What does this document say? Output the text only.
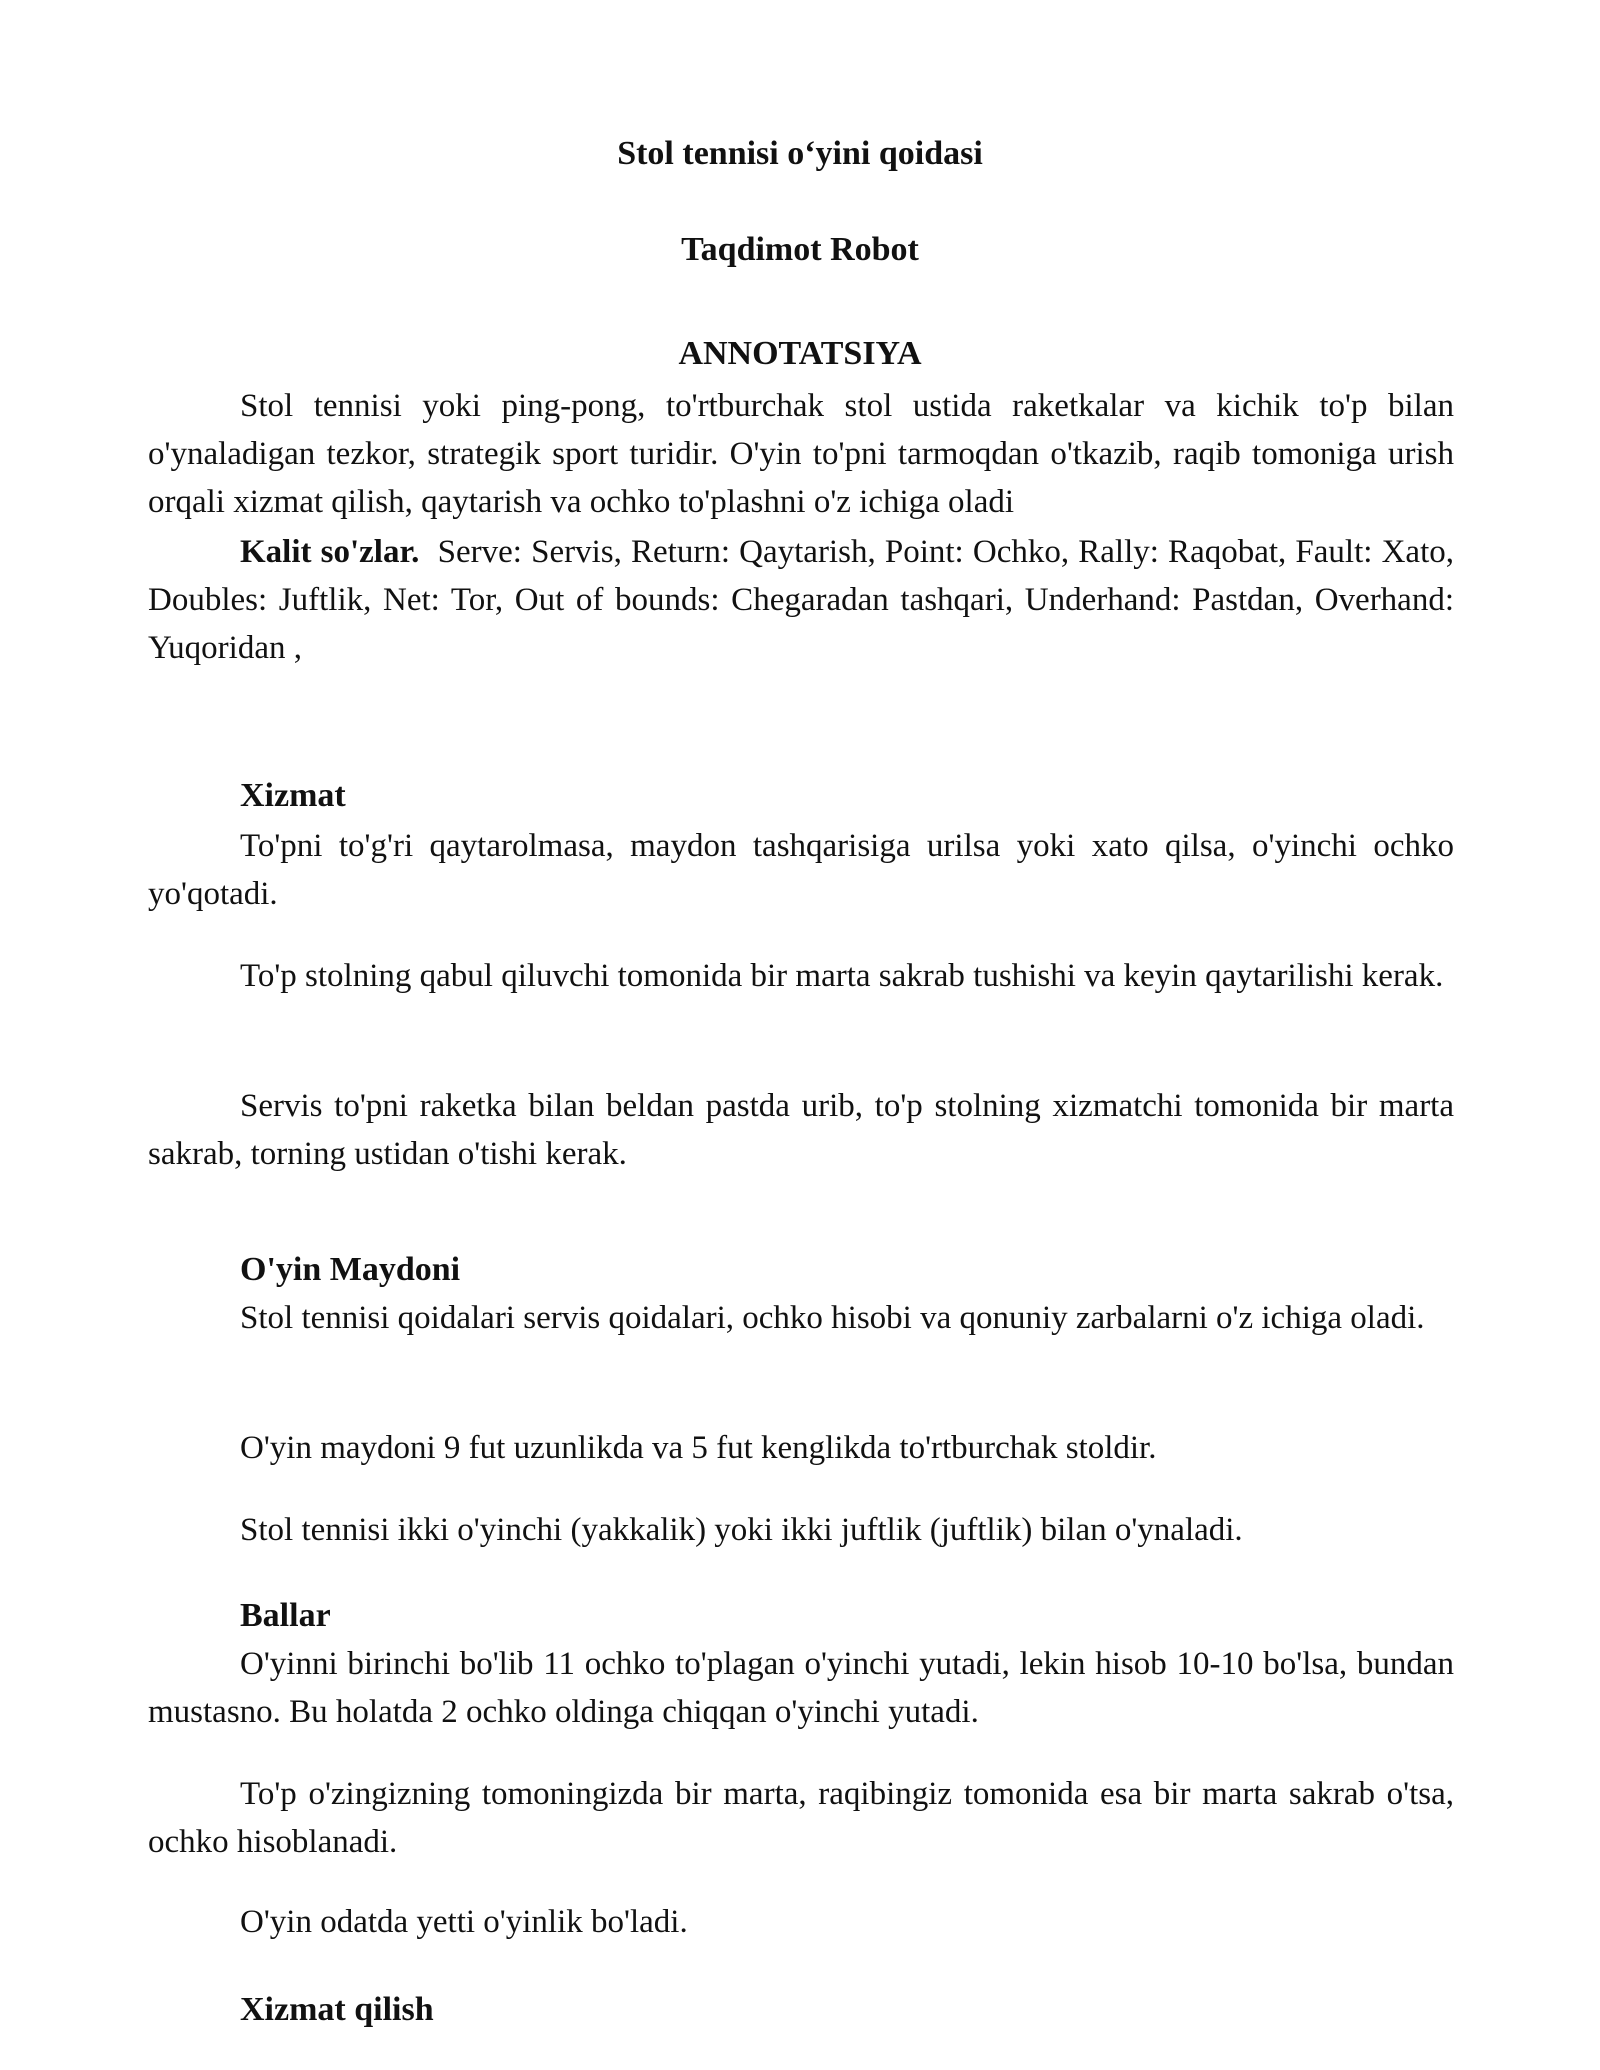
Stol tennisi o‘yini qoidasi
Taqdimot Robot
ANNOTATSIYA
Stol tennisi yoki ping-pong, to'rtburchak stol ustida raketkalar va kichik to'p bilan o'ynaladigan tezkor, strategik sport turidir. O'yin to'pni tarmoqdan o'tkazib, raqib tomoniga urish orqali xizmat qilish, qaytarish va ochko to'plashni o'z ichiga oladi
Kalit so'zlar. Serve: Servis, Return: Qaytarish, Point: Ochko, Rally: Raqobat, Fault: Xato, Doubles: Juftlik, Net: Tor, Out of bounds: Chegaradan tashqari, Underhand: Pastdan, Overhand: Yuqoridan ,
Xizmat
To'pni to'g'ri qaytarolmasa, maydon tashqarisiga urilsa yoki xato qilsa, o'yinchi ochko yo'qotadi.
To'p stolning qabul qiluvchi tomonida bir marta sakrab tushishi va keyin qaytarilishi kerak.
Servis to'pni raketka bilan beldan pastda urib, to'p stolning xizmatchi tomonida bir marta sakrab, torning ustidan o'tishi kerak.
O'yin Maydoni
Stol tennisi qoidalari servis qoidalari, ochko hisobi va qonuniy zarbalarni o'z ichiga oladi.
O'yin maydoni 9 fut uzunlikda va 5 fut kenglikda to'rtburchak stoldir.
Stol tennisi ikki o'yinchi (yakkalik) yoki ikki juftlik (juftlik) bilan o'ynaladi.
Ballar
O'yinni birinchi bo'lib 11 ochko to'plagan o'yinchi yutadi, lekin hisob 10-10 bo'lsa, bundan mustasno. Bu holatda 2 ochko oldinga chiqqan o'yinchi yutadi.
To'p o'zingizning tomoningizda bir marta, raqibingiz tomonida esa bir marta sakrab o'tsa, ochko hisoblanadi.
O'yin odatda yetti o'yinlik bo'ladi.
Xizmat qilish
